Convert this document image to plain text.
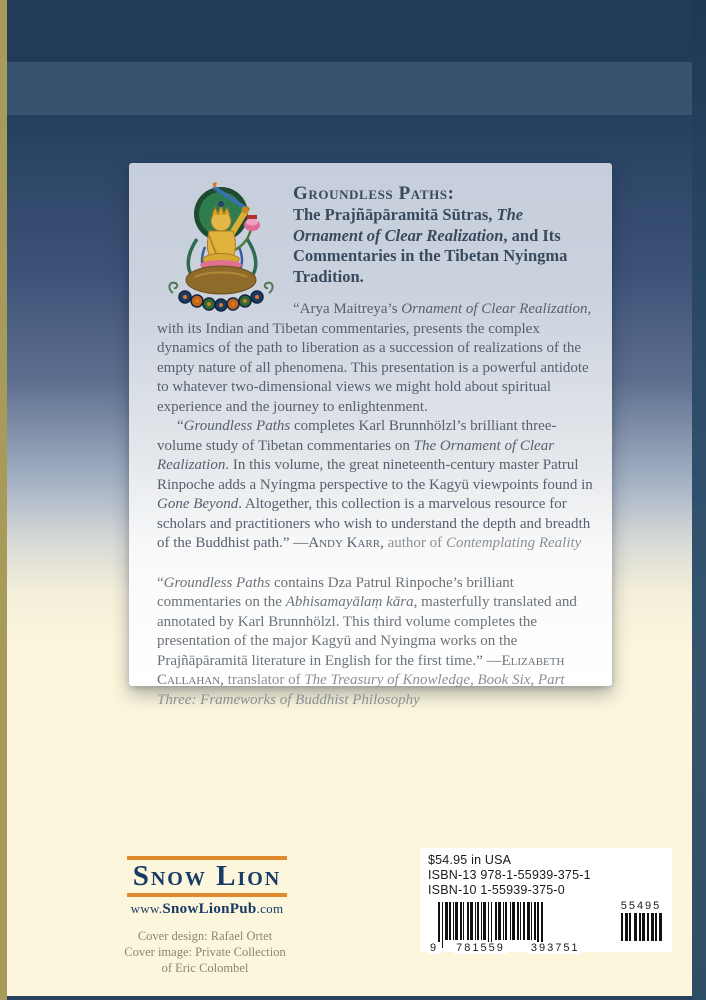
Groundless Paths:
The Prajñāpāramitā Sūtras, The Ornament of Clear Realization, and Its Commentaries in the Tibetan Nyingma Tradition.

“Arya Maitreya’s Ornament of Clear Realization, with its Indian and Tibetan commentaries, presents the complex dynamics of the path to liberation as a succession of realizations of the empty nature of all phenomena. This presentation is a powerful antidote to whatever two-dimensional views we might hold about spiritual experience and the journey to enlightenment.

“Groundless Paths completes Karl Brunnhölzl’s brilliant three-volume study of Tibetan commentaries on The Ornament of Clear Realization. In this volume, the great nineteenth-century master Patrul Rinpoche adds a Nyingma perspective to the Kagyü viewpoints found in Gone Beyond. Altogether, this collection is a marvelous resource for scholars and practitioners who wish to understand the depth and breadth of the Buddhist path.” —Andy Karr, author of Contemplating Reality

“Groundless Paths contains Dza Patrul Rinpoche’s brilliant commentaries on the Abhisamayālaṃ kāra, masterfully translated and annotated by Karl Brunnhölzl. This third volume completes the presentation of the major Kagyü and Nyingma works on the Prajñāpāramitā literature in English for the first time.” —Elizabeth Callahan, translator of The Treasury of Knowledge, Book Six, Part Three: Frameworks of Buddhist Philosophy

Snow Lion
www.SnowLionPub.com
Cover design: Rafael Ortet
Cover image: Private Collection
of Eric Colombel
$54.95 in USA
ISBN-13 978-1-55939-375-1
ISBN-10 1-55939-375-0
9 781559 393751
55495
